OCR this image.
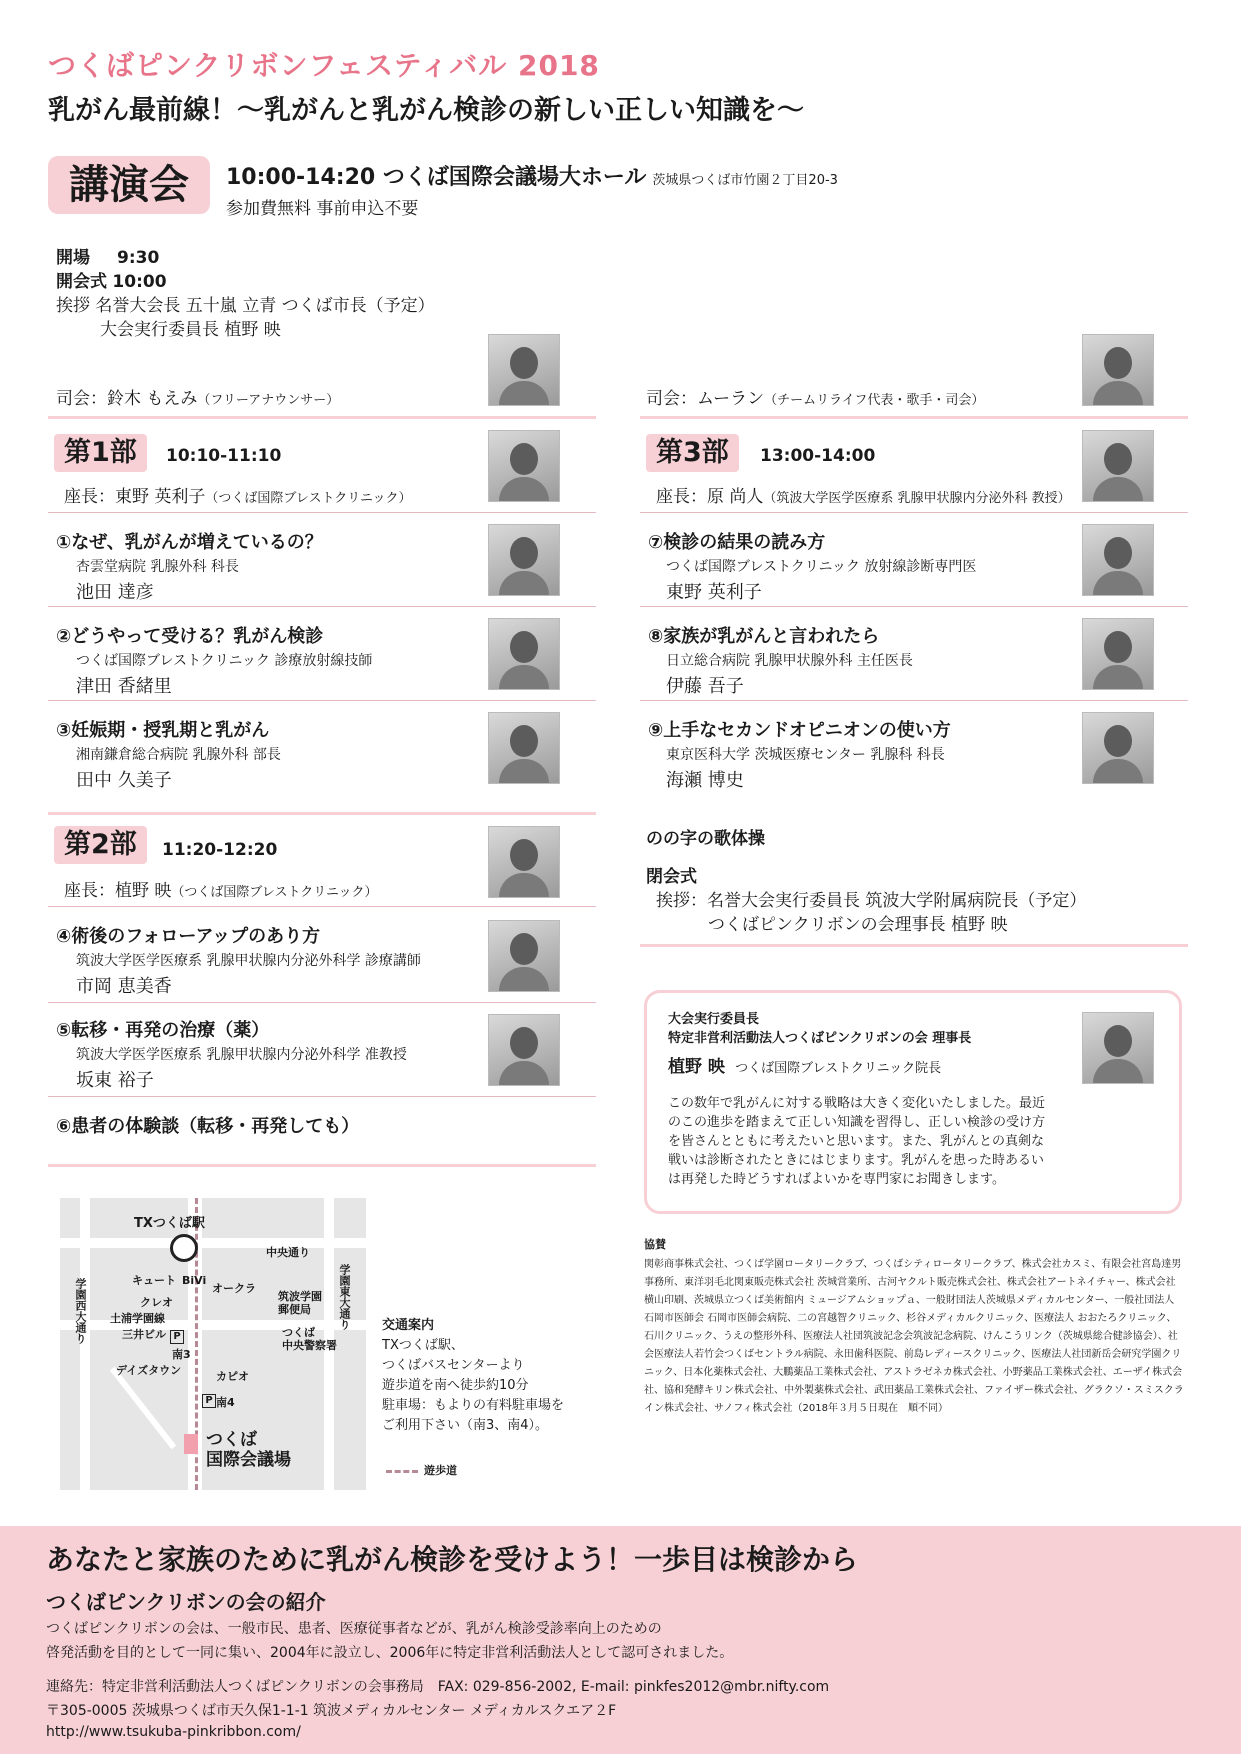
つくばピンクリボンフェスティバル 2018
乳がん最前線！～乳がんと乳がん検診の新しい正しい知識を～
講演会	10:00-14:20 つくば国際会議場大ホール 茨城県つくば市竹園２丁目20-3
参加費無料 事前申込不要
開場 9:30
開会式 10:00
挨拶 名誉大会長 五十嵐 立青 つくば市長（予定）
大会実行委員長 植野 映
司会：鈴木 もえみ（フリーアナウンサー）	司会：ムーラン（チームリライフ代表・歌手・司会）
第1部	10:10-11:10
座長：東野 英利子（つくば国際ブレストクリニック）
①なぜ、乳がんが増えているの？
杏雲堂病院 乳腺外科 科長
池田 達彦
②どうやって受ける？乳がん検診
つくば国際ブレストクリニック 診療放射線技師
津田 香緒里
③妊娠期・授乳期と乳がん
湘南鎌倉総合病院 乳腺外科 部長
田中 久美子
第2部	11:20-12:20
座長：植野 映（つくば国際ブレストクリニック）
④術後のフォローアップのあり方
筑波大学医学医療系 乳腺甲状腺内分泌外科学 診療講師
市岡 恵美香
⑤転移・再発の治療（薬）
筑波大学医学医療系 乳腺甲状腺内分泌外科学 准教授
坂東 裕子
⑥患者の体験談（転移・再発しても）
第3部	13:00-14:00
座長：原 尚人（筑波大学医学医療系 乳腺甲状腺内分泌外科 教授）
⑦検診の結果の読み方
つくば国際ブレストクリニック 放射線診断専門医
東野 英利子
⑧家族が乳がんと言われたら
日立総合病院 乳腺甲状腺外科 主任医長
伊藤 吾子
⑨上手なセカンドオピニオンの使い方
東京医科大学 茨城医療センター 乳腺科 科長
海瀬 博史
のの字の歌体操
閉会式
挨拶：名誉大会実行委員長 筑波大学附属病院長（予定）
つくばピンクリボンの会理事長 植野 映
大会実行委員長
特定非営利活動法人つくばピンクリボンの会 理事長
植野 映 つくば国際ブレストクリニック院長
この数年で乳がんに対する戦略は大きく変化いたしました。最近
のこの進歩を踏まえて正しい知識を習得し、正しい検診の受け方
を皆さんとともに考えたいと思います。また、乳がんとの真剣な
戦いは診断されたときにはじまります。乳がんを患った時あるい
は再発した時どうすればよいかを専門家にお聞きします。
TXつくば駅
中央通り
キュート BiVi
クレオ
オークラ
土浦学園線
三井ビル
筑波学園
郵便局
つくば
中央警察署
デイズタウン
P
南3
カピオ
P 南4
学園西大通り	学園東大通り
つくば
国際会議場
遊歩道
交通案内
TXつくば駅、
つくばバスセンターより
遊歩道を南へ徒歩約10分
駐車場：もよりの有料駐車場を
ご利用下さい（南3、南4）。
協賛
関彰商事株式会社、つくば学園ロータリークラブ、つくばシティロータリークラブ、株式会社カスミ、有限会社宮島達男事務所、東洋羽毛北関東販売株式会社 茨城営業所、古河ヤクルト販売株式会社、株式会社アートネイチャー、株式会社横山印刷、茨城県立つくば美術館内 ミュージアムショップａ、一般財団法人茨城県メディカルセンター、一般社団法人石岡市医師会 石岡市医師会病院、二の宮越智クリニック、杉谷メディカルクリニック、医療法人 おおたろクリニック、石川クリニック、うえの整形外科、医療法人社団筑波記念会筑波記念病院、けんこうリンク（茨城県総合健診協会）、社会医療法人若竹会つくばセントラル病院、永田歯科医院、前島レディースクリニック、医療法人社団新岳会研究学園クリニック、日本化薬株式会社、大鵬薬品工業株式会社、アストラゼネカ株式会社、小野薬品工業株式会社、エーザイ株式会社、協和発酵キリン株式会社、中外製薬株式会社、武田薬品工業株式会社、ファイザー株式会社、グラクソ・スミスクライン株式会社、サノフィ株式会社（2018年３月５日現在　順不同）
あなたと家族のために乳がん検診を受けよう！一歩目は検診から
つくばピンクリボンの会の紹介
つくばピンクリボンの会は、一般市民、患者、医療従事者などが、乳がん検診受診率向上のための
啓発活動を目的として一同に集い、2004年に設立し、2006年に特定非営利活動法人として認可されました。
連絡先：特定非営利活動法人つくばピンクリボンの会事務局　FAX: 029-856-2002, E-mail: pinkfes2012@mbr.nifty.com
〒305-0005 茨城県つくば市天久保1-1-1 筑波メディカルセンター メディカルスクエア２F
http://www.tsukuba-pinkribbon.com/
